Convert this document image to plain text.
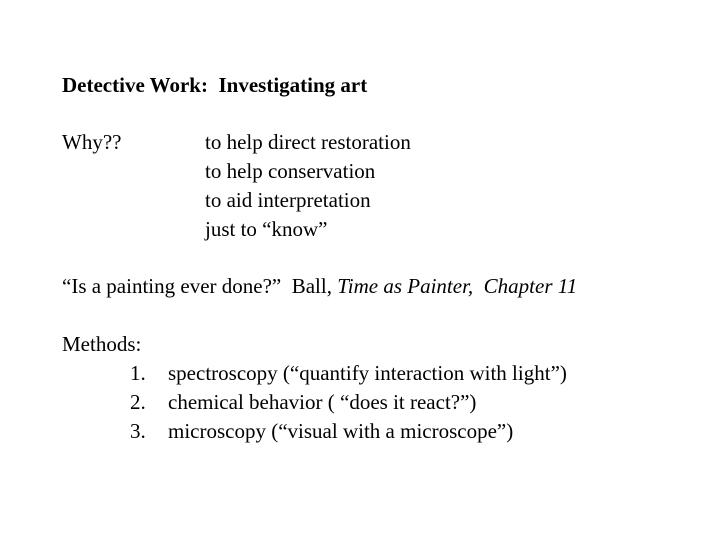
Detective Work:  Investigating art
Why??	to help direct restoration
to help conservation
to aid interpretation
just to “know”
“Is a painting ever done?”  Ball, Time as Painter,  Chapter 11
Methods:
1.	spectroscopy (“quantify interaction with light”)
2.	chemical behavior ( “does it react?”)
3.	microscopy (“visual with a microscope”)
